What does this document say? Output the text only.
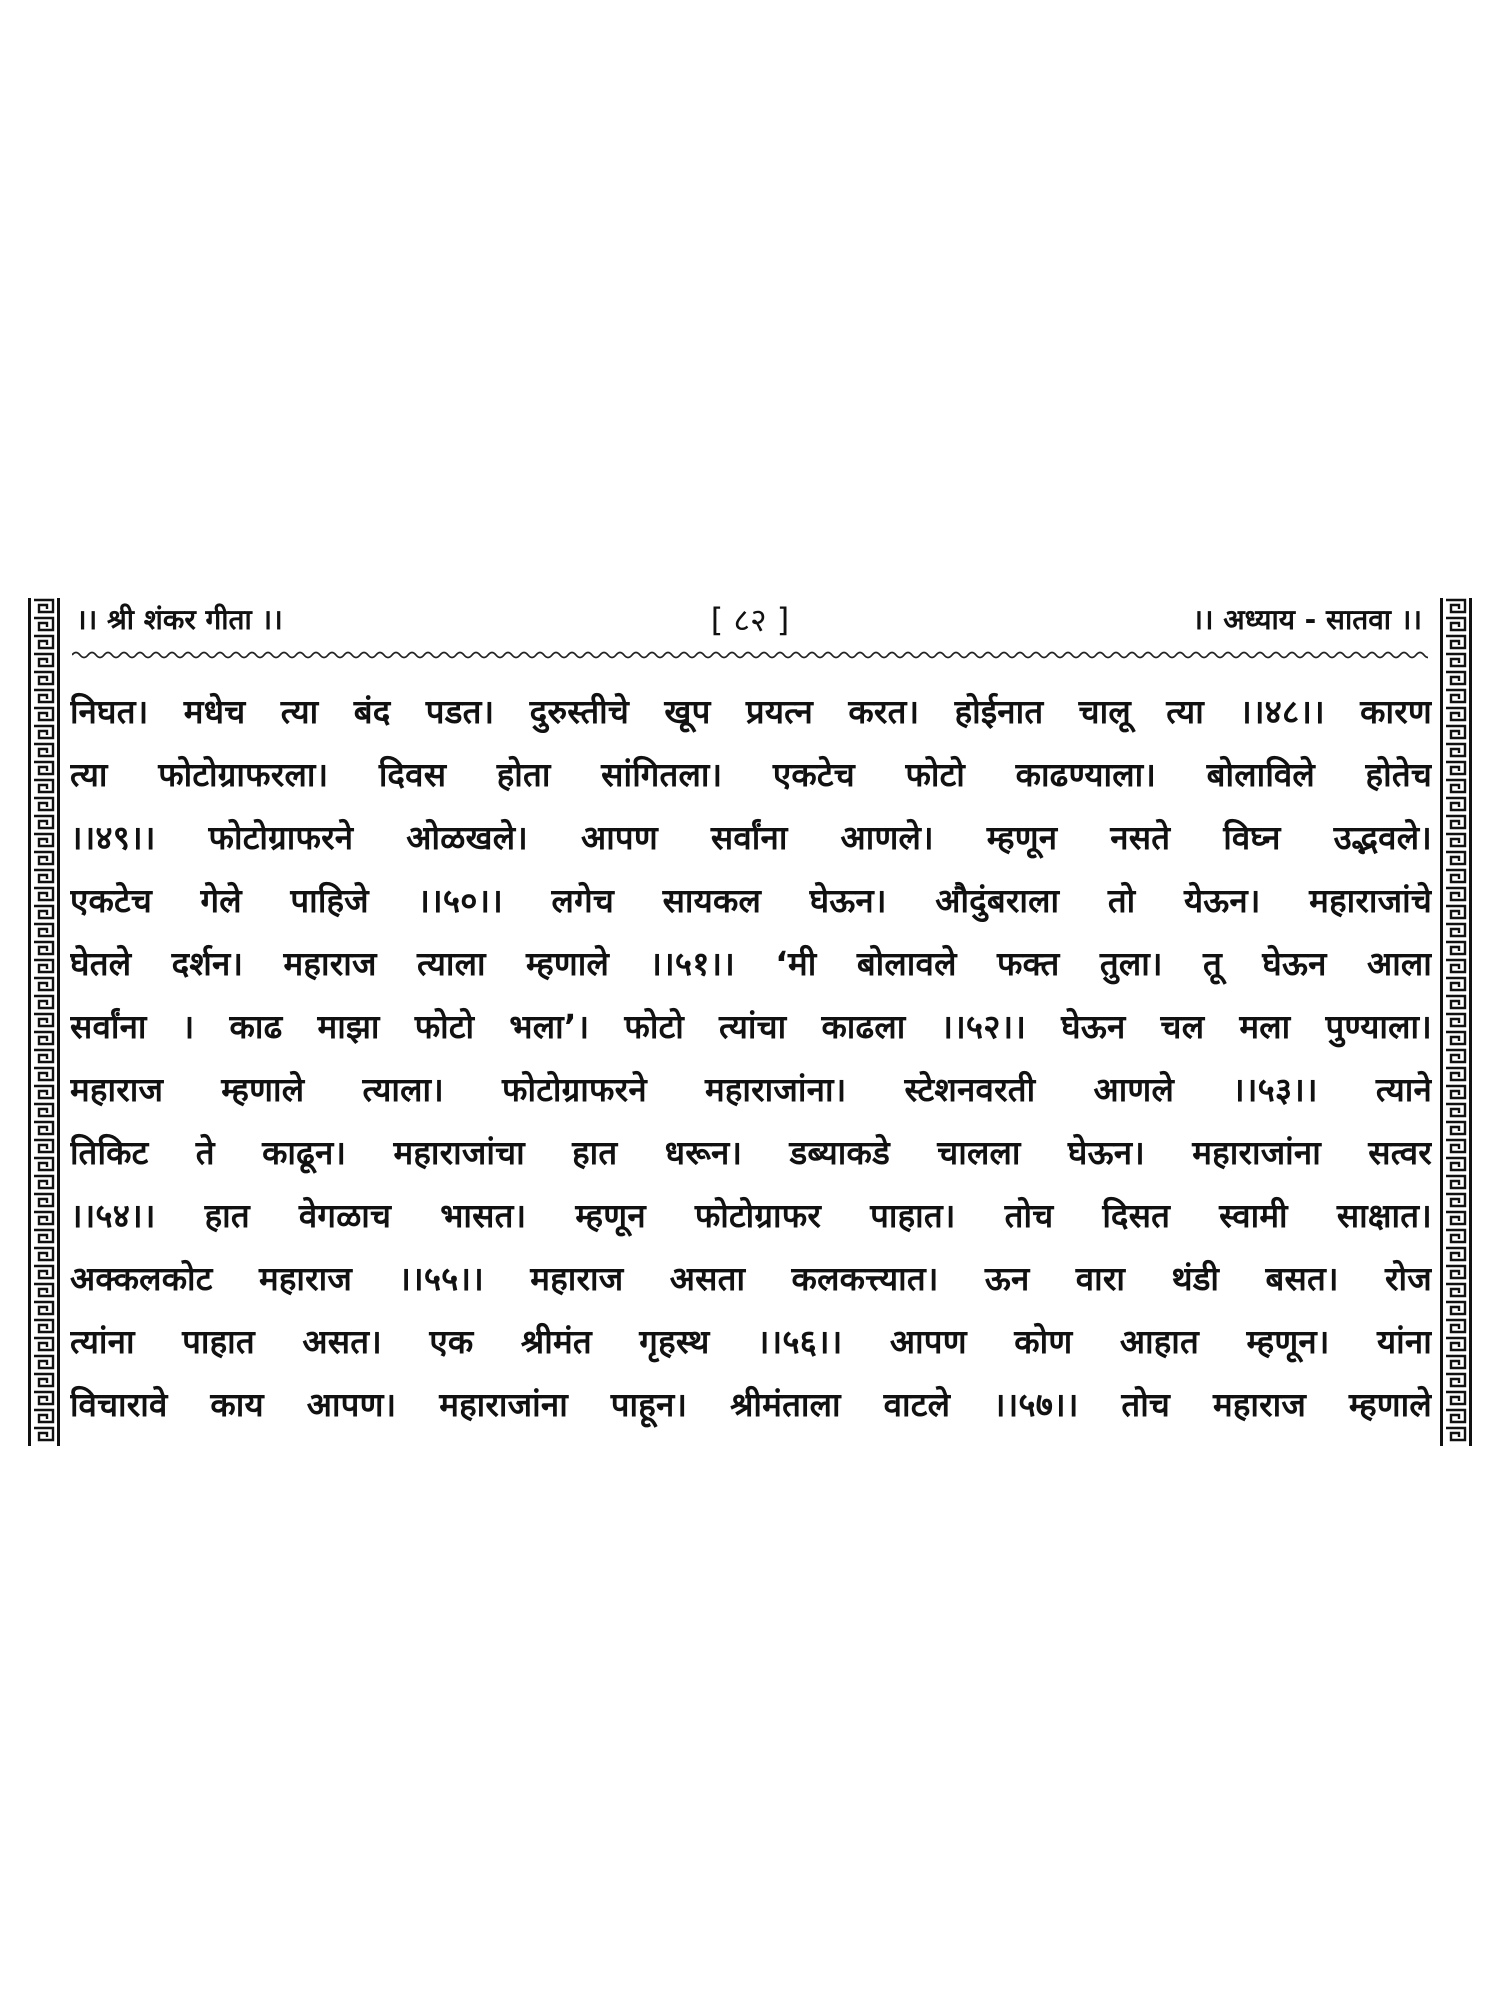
।। श्री शंकर गीता ।।	[ ८२ ]	।। अध्याय - सातवा ।।
निघत। मधेच त्या बंद पडत। दुरुस्तीचे खूप प्रयत्न करत। होईनात चालू त्या ।।४८।। कारण
त्या फोटोग्राफरला। दिवस होता सांगितला। एकटेच फोटो काढण्याला। बोलाविले होतेच
।।४९।। फोटोग्राफरने ओळखले। आपण सर्वांना आणले। म्हणून नसते विघ्न उद्भवले।
एकटेच गेले पाहिजे ।।५०।। लगेच सायकल घेऊन। औदुंबराला तो येऊन। महाराजांचे
घेतले दर्शन। महाराज त्याला म्हणाले ।।५१।। ‘मी बोलावले फक्त तुला। तू घेऊन आला
सर्वांना । काढ माझा फोटो भला’। फोटो त्यांचा काढला ।।५२।। घेऊन चल मला पुण्याला।
महाराज म्हणाले त्याला। फोटोग्राफरने महाराजांना। स्टेशनवरती आणले ।।५३।। त्याने
तिकिट ते काढून। महाराजांचा हात धरून। डब्याकडे चालला घेऊन। महाराजांना सत्वर
।।५४।। हात वेगळाच भासत। म्हणून फोटोग्राफर पाहात। तोच दिसत स्वामी साक्षात।
अक्कलकोट महाराज ।।५५।। महाराज असता कलकत्त्यात। ऊन वारा थंडी बसत। रोज
त्यांना पाहात असत। एक श्रीमंत गृहस्थ ।।५६।। आपण कोण आहात म्हणून। यांना
विचारावे काय आपण। महाराजांना पाहून। श्रीमंताला वाटले ।।५७।। तोच महाराज म्हणाले
